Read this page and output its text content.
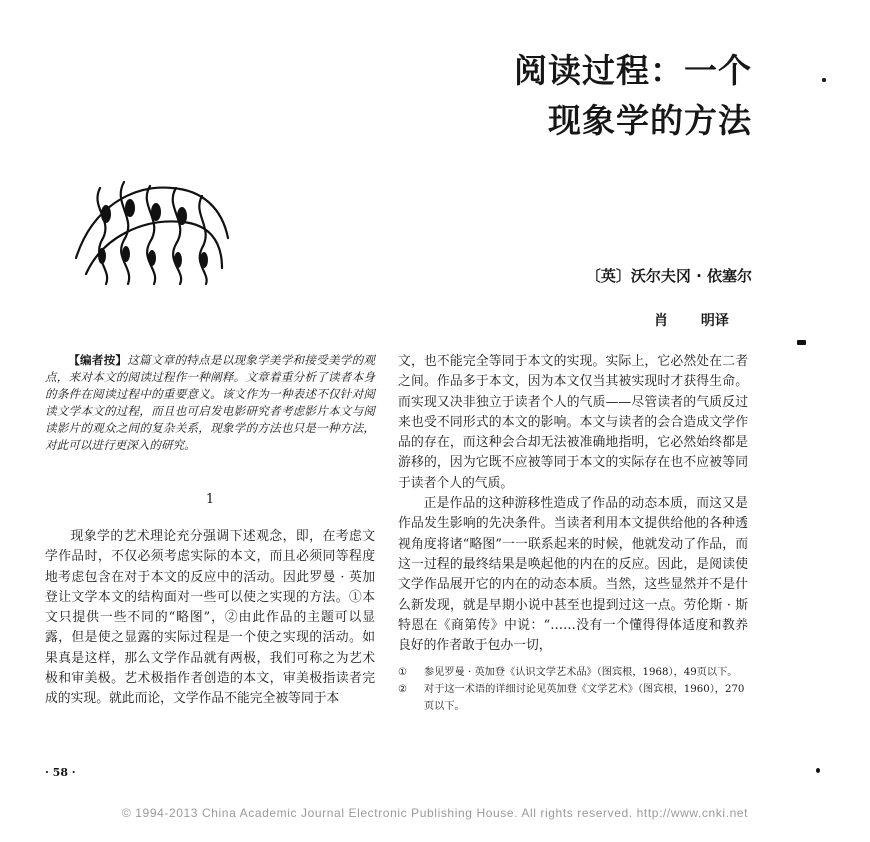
阅读过程：一个
现象学的方法
〔英〕沃尔夫冈 · 依塞尔
肖 明译

【编者按】这篇文章的特点是以现象学美学和接受美学的观点，来对本文的阅读过程作一种阐释。文章着重分析了读者本身的条件在阅读过程中的重要意义。该文作为一种表述不仅针对阅读文学本文的过程，而且也可启发电影研究者考虑影片本文与阅读影片的观众之间的复杂关系，现象学的方法也只是一种方法，对此可以进行更深入的研究。

1

现象学的艺术理论充分强调下述观念，即，在考虑文学作品时，不仅必须考虑实际的本文，而且必须同等程度地考虑包含在对于本文的反应中的活动。因此罗曼 · 英加登让文学本文的结构面对一些可以使之实现的方法。①本文只提供一些不同的“略图”，②由此作品的主题可以显露，但是使之显露的实际过程是一个使之实现的活动。如果真是这样，那么文学作品就有两极，我们可称之为艺术极和审美极。艺术极指作者创造的本文，审美极指读者完成的实现。就此而论，文学作品不能完全被等同于本

文，也不能完全等同于本文的实现。实际上，它必然处在二者之间。作品多于本文，因为本文仅当其被实现时才获得生命。而实现又决非独立于读者个人的气质——尽管读者的气质反过来也受不同形式的本文的影响。本文与读者的会合造成文学作品的存在，而这种会合却无法被准确地指明，它必然始终都是游移的，因为它既不应被等同于本文的实际存在也不应被等同于读者个人的气质。

正是作品的这种游移性造成了作品的动态本质，而这又是作品发生影响的先决条件。当读者利用本文提供给他的各种透视角度将诸“略图”一一联系起来的时候，他就发动了作品，而这一过程的最终结果是唤起他的内在的反应。因此，是阅读使文学作品展开它的内在的动态本质。当然，这些显然并不是什么新发现，就是早期小说中甚至也提到过这一点。劳伦斯 · 斯特恩在《商第传》中说：“……没有一个懂得得体适度和教养良好的作者敢于包办一切，

①	参见罗曼 · 英加登《认识文学艺术品》（图宾根，1968），49页以下。

②	对于这一术语的详细讨论见英加登《文学艺术》（图宾根，1960），270页以下。

· 58 ·
© 1994-2013 China Academic Journal Electronic Publishing House. All rights reserved. http://www.cnki.net
